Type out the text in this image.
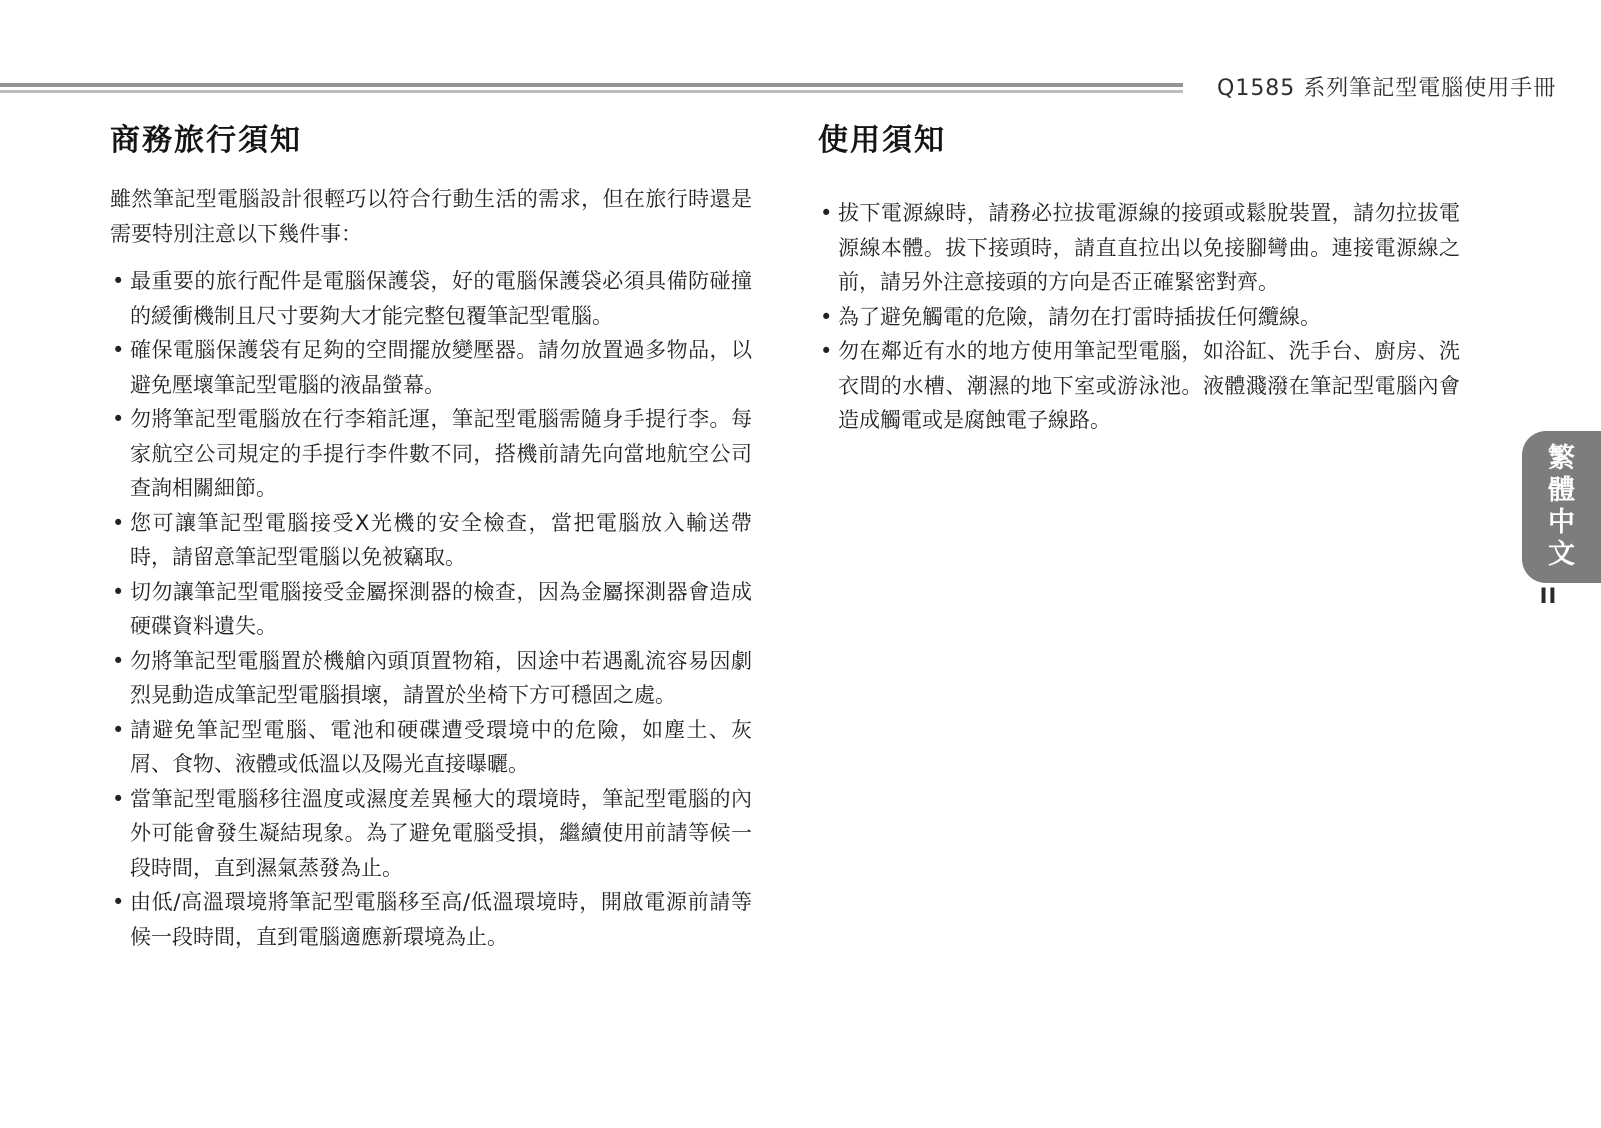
Q1585 系列筆記型電腦使用手冊
商務旅行須知

雖然筆記型電腦設計很輕巧以符合行動生活的需求，但在旅行時還是需要特別注意以下幾件事：

• 最重要的旅行配件是電腦保護袋，好的電腦保護袋必須具備防碰撞的緩衝機制且尺寸要夠大才能完整包覆筆記型電腦。
• 確保電腦保護袋有足夠的空間擺放變壓器。請勿放置過多物品，以避免壓壞筆記型電腦的液晶螢幕。
• 勿將筆記型電腦放在行李箱託運，筆記型電腦需隨身手提行李。每家航空公司規定的手提行李件數不同，搭機前請先向當地航空公司查詢相關細節。
• 您可讓筆記型電腦接受X光機的安全檢查，當把電腦放入輸送帶時，請留意筆記型電腦以免被竊取。
• 切勿讓筆記型電腦接受金屬探測器的檢查，因為金屬探測器會造成硬碟資料遺失。
• 勿將筆記型電腦置於機艙內頭頂置物箱，因途中若遇亂流容易因劇烈晃動造成筆記型電腦損壞，請置於坐椅下方可穩固之處。
• 請避免筆記型電腦、電池和硬碟遭受環境中的危險，如塵土、灰屑、食物、液體或低溫以及陽光直接曝曬。
• 當筆記型電腦移往溫度或濕度差異極大的環境時，筆記型電腦的內外可能會發生凝結現象。為了避免電腦受損，繼續使用前請等候一段時間，直到濕氣蒸發為止。
• 由低/高溫環境將筆記型電腦移至高/低溫環境時，開啟電源前請等候一段時間，直到電腦適應新環境為止。
使用須知
• 拔下電源線時，請務必拉拔電源線的接頭或鬆脫裝置，請勿拉拔電源線本體。拔下接頭時，請直直拉出以免接腳彎曲。連接電源線之前，請另外注意接頭的方向是否正確緊密對齊。
• 為了避免觸電的危險，請勿在打雷時插拔任何纜線。
• 勿在鄰近有水的地方使用筆記型電腦，如浴缸、洗手台、廚房、洗衣間的水槽、潮濕的地下室或游泳池。液體濺潑在筆記型電腦內會造成觸電或是腐蝕電子線路。
繁體中文
II
